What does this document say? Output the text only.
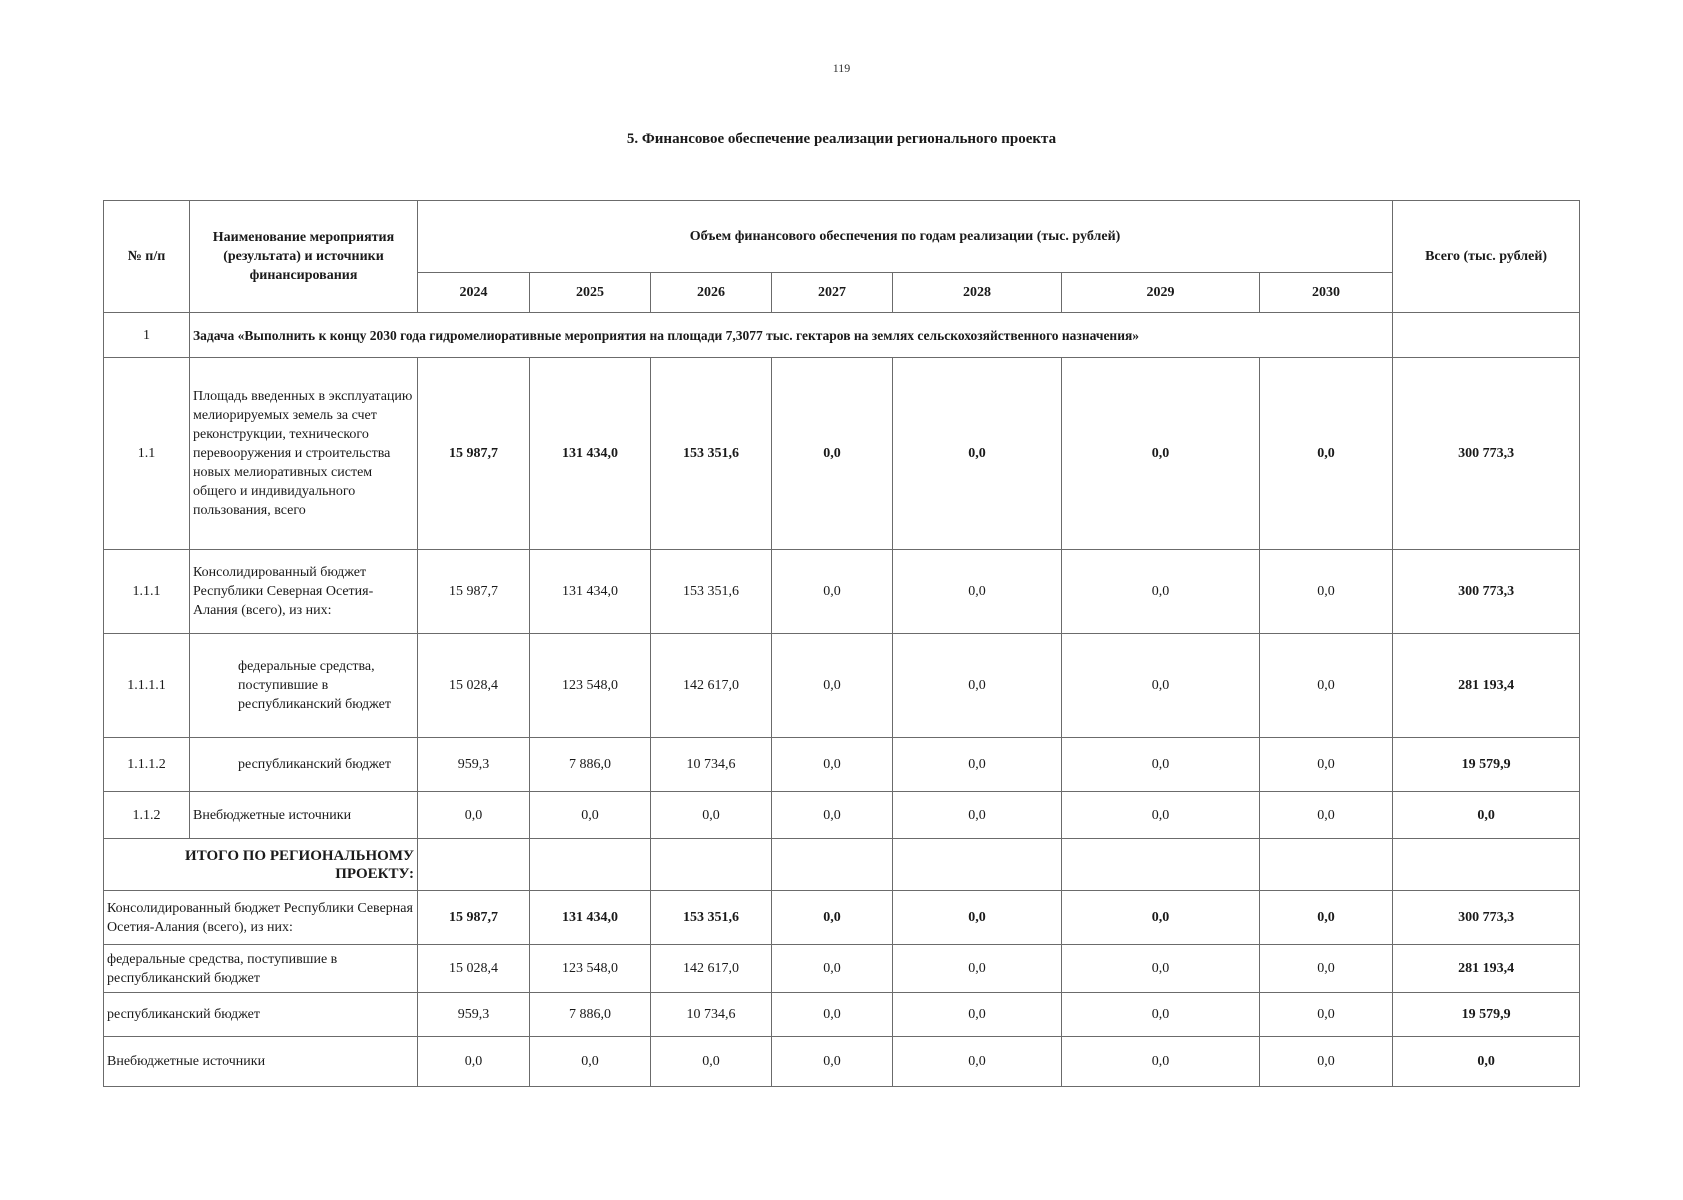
119
5. Финансовое обеспечение реализации регионального проекта
№ п/п	Наименование мероприятия (результата) и источники финансирования	Объем финансового обеспечения по годам реализации (тыс. рублей)							Всего (тыс. рублей)
		2024	2025	2026	2027	2028	2029	2030	
1	Задача «Выполнить к концу 2030 года гидромелиоративные мероприятия на площади 7,3077 тыс. гектаров на землях сельскохозяйственного назначения»								
1.1	Площадь введенных в эксплуатацию мелиорируемых земель за счет реконструкции, технического перевооружения и строительства новых мелиоративных систем общего и индивидуального пользования, всего	15 987,7	131 434,0	153 351,6	0,0	0,0	0,0	0,0	300 773,3
1.1.1	Консолидированный бюджет Республики Северная Осетия-Алания (всего), из них:	15 987,7	131 434,0	153 351,6	0,0	0,0	0,0	0,0	300 773,3
1.1.1.1	федеральные средства, поступившие в республиканский бюджет	15 028,4	123 548,0	142 617,0	0,0	0,0	0,0	0,0	281 193,4
1.1.1.2	республиканский бюджет	959,3	7 886,0	10 734,6	0,0	0,0	0,0	0,0	19 579,9
1.1.2	Внебюджетные источники	0,0	0,0	0,0	0,0	0,0	0,0	0,0	0,0
ИТОГО ПО РЕГИОНАЛЬНОМУ ПРОЕКТУ:									
Консолидированный бюджет Республики Северная Осетия-Алания (всего), из них:		15 987,7	131 434,0	153 351,6	0,0	0,0	0,0	0,0	300 773,3
федеральные средства, поступившие в республиканский бюджет		15 028,4	123 548,0	142 617,0	0,0	0,0	0,0	0,0	281 193,4
республиканский бюджет		959,3	7 886,0	10 734,6	0,0	0,0	0,0	0,0	19 579,9
Внебюджетные источники		0,0	0,0	0,0	0,0	0,0	0,0	0,0	0,0
